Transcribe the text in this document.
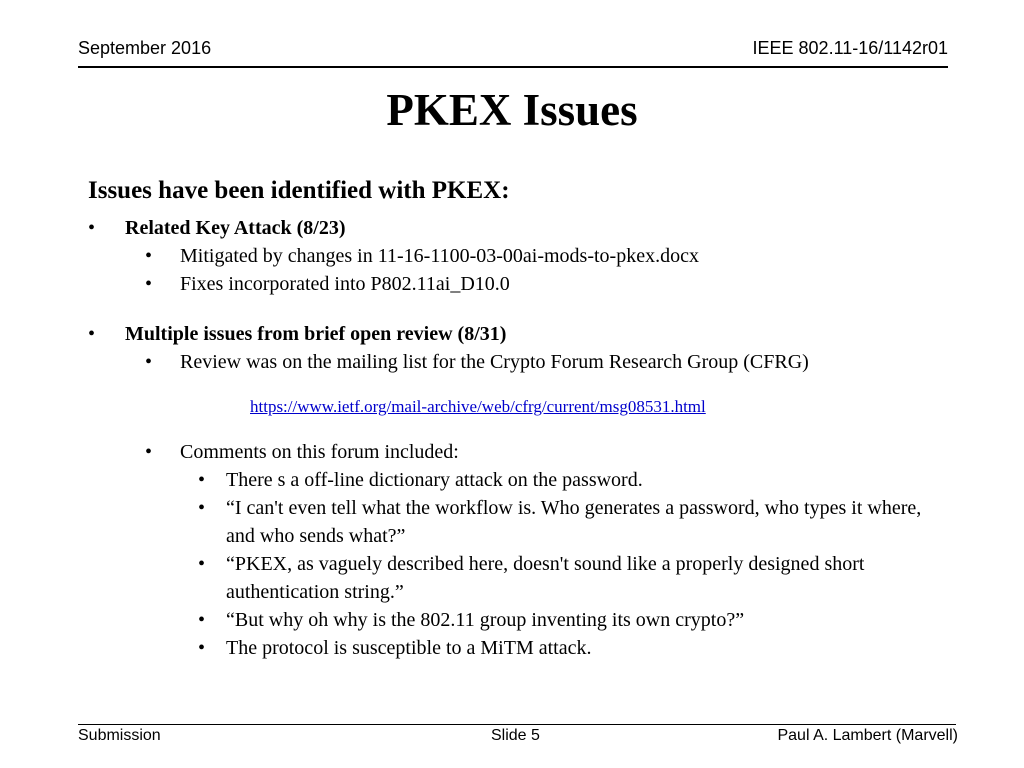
September 2016	IEEE 802.11-16/1142r01
PKEX Issues

Issues have been identified with PKEX:

• Related Key Attack (8/23)

• Mitigated by changes in 11-16-1100-03-00ai-mods-to-pkex.docx

• Fixes incorporated into P802.11ai_D10.0

• Multiple issues from brief open review (8/31)

• Review was on the mailing list for the Crypto Forum Research Group (CFRG)

https://www.ietf.org/mail-archive/web/cfrg/current/msg08531.html

• Comments on this forum included:

• There s a off-line dictionary attack on the password.

• “I can't even tell what the workflow is. Who generates a password, who types it where, and who sends what?”

• “PKEX, as vaguely described here, doesn't sound like a properly designed short authentication string.”

• “But why oh why is the 802.11 group inventing its own crypto?”

• The protocol is susceptible to a MiTM attack.

Submission	Slide 5	Paul A. Lambert (Marvell)
